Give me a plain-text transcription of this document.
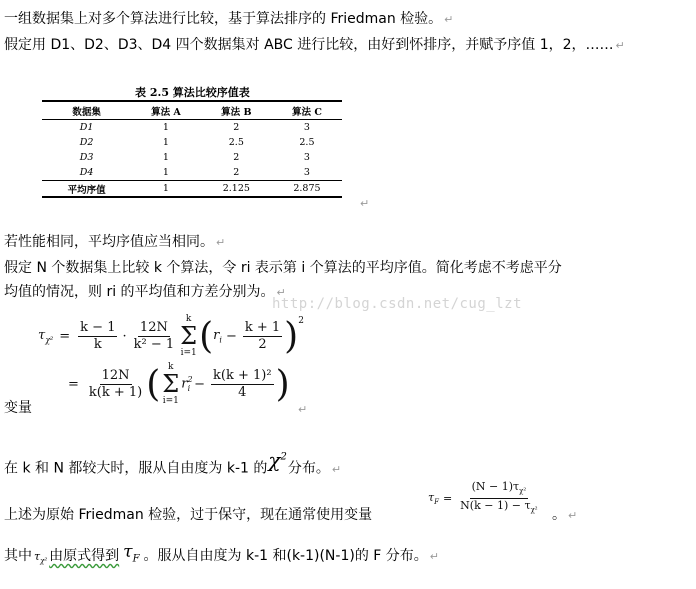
一组数据集上对多个算法进行比较，基于算法排序的 Friedman 检验。 ↵
假定用 D1、D2、D3、D4 四个数据集对 ABC 进行比较，由好到怀排序，并赋予序值 1，2，…… ↵
表 2.5 算法比较序值表
数据集	算法 A	算法 B	算法 C
D1	1	2	3
D2	1	2.5	2.5
D3	1	2	3
D4	1	2	3
平均序值	1	2.125	2.875
↵
若性能相同，平均序值应当相同。 ↵
假定 N 个数据集上比较 k 个算法，令 ri 表示第 i 个算法的平均序值。简化考虑不考虑平分
均值的情况，则 ri 的平均值和方差分别为。 ↵
http://blog.csdn.net/cug_lzt
$\tau_{\chi^2} = \frac{k - 1}{k} \cdot \frac{12N}{\text{k² − 1}}$
k
Σ
i=1 ( $r_i - \frac{k + 1}{2} )^2$
= $\frac{12N}{k(k + 1)}$ ( k
Σ
i=1
$r^2_i - \frac{\text{k(k + 1)²}}{4}$ )
变量	↵
在 k 和 N 都较大时，服从自由度为 k-1 的$\chi^2$分布。 ↵
上述为原始 Friedman 检验，过于保守，现在通常使用变量
$\tau_F = \frac{(N - 1)\tau_{\chi^2}}{N(k - 1) - \tau_{\chi^2}}$ 。 ↵
其中 $\tau_{\chi^2}$ 由原式得到 $\tau_F$ 。服从自由度为 k-1 和(k-1)(N-1)的 F 分布。 ↵
